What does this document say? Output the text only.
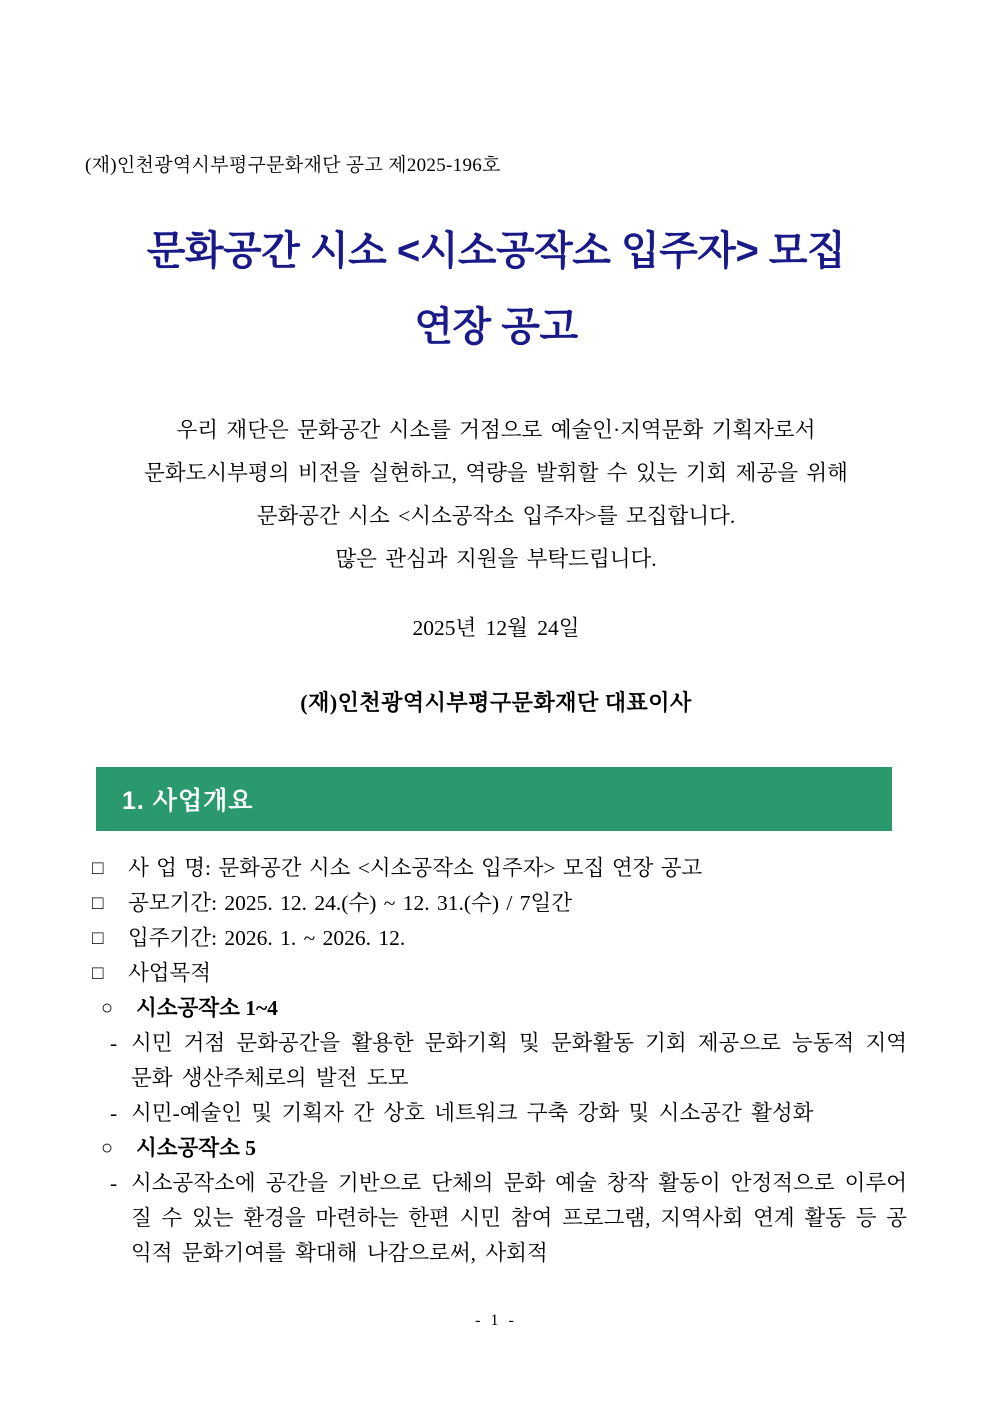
(재)인천광역시부평구문화재단 공고 제2025-196호
문화공간 시소 <시소공작소 입주자> 모집
연장 공고
우리 재단은 문화공간 시소를 거점으로 예술인·지역문화 기획자로서
문화도시부평의 비전을 실현하고, 역량을 발휘할 수 있는 기회 제공을 위해
문화공간 시소 <시소공작소 입주자>를 모집합니다.
많은 관심과 지원을 부탁드립니다.
2025년 12월 24일
(재)인천광역시부평구문화재단 대표이사
1. 사업개요
□	사 업 명: 문화공간 시소 <시소공작소 입주자> 모집 연장 공고
□	공모기간: 2025. 12. 24.(수) ~ 12. 31.(수) / 7일간
□	입주기간: 2026. 1. ~ 2026. 12.
□	사업목적
○	시소공작소 1~4
- 시민 거점 문화공간을 활용한 문화기획 및 문화활동 기회 제공으로 능동적 지역문화 생산주체로의 발전 도모
- 시민-예술인 및 기획자 간 상호 네트워크 구축 강화 및 시소공간 활성화
○	시소공작소 5
- 시소공작소에 공간을 기반으로 단체의 문화 예술 창작 활동이 안정적으로 이루어질 수 있는 환경을 마련하는 한편 시민 참여 프로그램, 지역사회 연계 활동 등 공익적 문화기여를 확대해 나감으로써, 사회적
- 1 -
